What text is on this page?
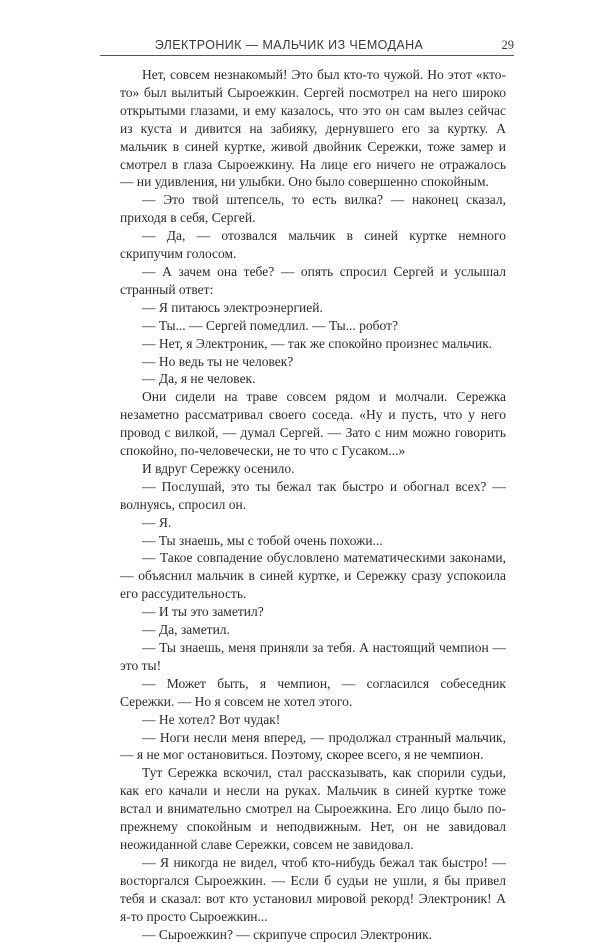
ЭЛЕКТРОНИК — МАЛЬЧИК ИЗ ЧЕМОДАНА	29

Нет, совсем незнакомый! Это был кто-то чужой. Но этот «кто-то» был вылитый Сыроежкин. Сергей посмотрел на него широко открытыми глазами, и ему казалось, что это он сам вылез сейчас из куста и дивится на забияку, дернувшего его за куртку. А мальчик в синей куртке, живой двойник Сережки, тоже замер и смотрел в глаза Сыроежкину. На лице его ничего не отражалось — ни удивления, ни улыбки. Оно было совершенно спокойным.

— Это твой штепсель, то есть вилка? — наконец сказал, приходя в себя, Сергей.

— Да, — отозвался мальчик в синей куртке немного скрипучим голосом.

— А зачем она тебе? — опять спросил Сергей и услышал странный ответ:

— Я питаюсь электроэнергией.

— Ты... — Сергей помедлил. — Ты... робот?

— Нет, я Электроник, — так же спокойно произнес мальчик.

— Но ведь ты не человек?

— Да, я не человек.

Они сидели на траве совсем рядом и молчали. Сережка незаметно рассматривал своего соседа. «Ну и пусть, что у него провод с вилкой, — думал Сергей. — Зато с ним можно говорить спокойно, по-человечески, не то что с Гусаком...»

И вдруг Сережку осенило.

— Послушай, это ты бежал так быстро и обогнал всех? — волнуясь, спросил он.

— Я.

— Ты знаешь, мы с тобой очень похожи...

— Такое совпадение обусловлено математическими законами, — объяснил мальчик в синей куртке, и Сережку сразу успокоила его рассудительность.

— И ты это заметил?

— Да, заметил.

— Ты знаешь, меня приняли за тебя. А настоящий чемпион — это ты!

— Может быть, я чемпион, — согласился собеседник Сережки. — Но я совсем не хотел этого.

— Не хотел? Вот чудак!

— Ноги несли меня вперед, — продолжал странный мальчик, — я не мог остановиться. Поэтому, скорее всего, я не чемпион.

Тут Сережка вскочил, стал рассказывать, как спорили судьи, как его качали и несли на руках. Мальчик в синей куртке тоже встал и внимательно смотрел на Сыроежкина. Его лицо было по-прежнему спокойным и неподвижным. Нет, он не завидовал неожиданной славе Сережки, совсем не завидовал.

— Я никогда не видел, чтоб кто-нибудь бежал так быстро! — восторгался Сыроежкин. — Если б судьи не ушли, я бы привел тебя и сказал: вот кто установил мировой рекорд! Электроник! А я-то просто Сыроежкин...

— Сыроежкин? — скрипуче спросил Электроник.
